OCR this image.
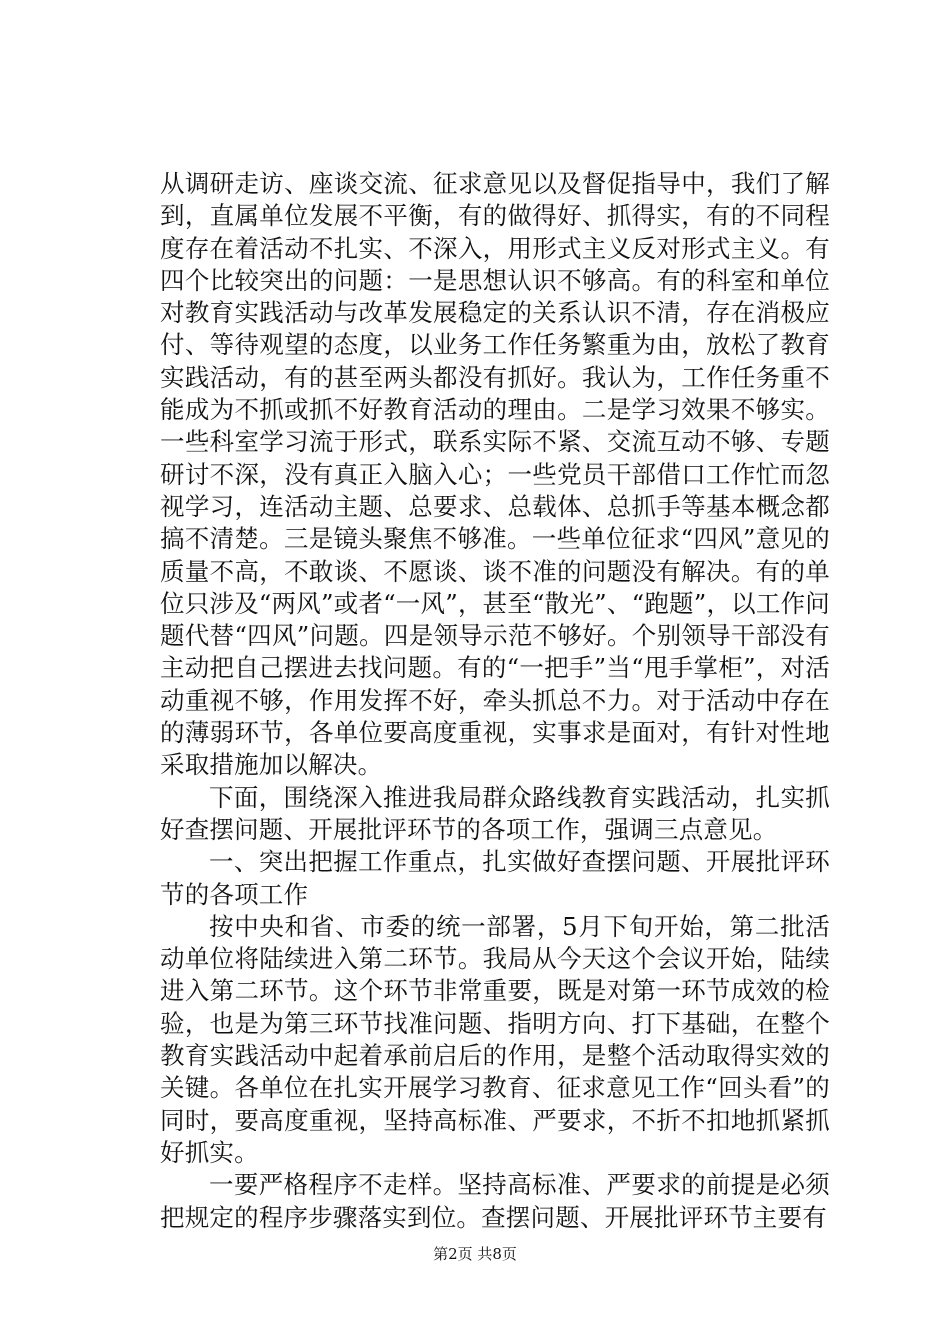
从调研走访、座谈交流、征求意见以及督促指导中，我们了解到，直属单位发展不平衡，有的做得好、抓得实，有的不同程度存在着活动不扎实、不深入，用形式主义反对形式主义。有四个比较突出的问题：一是思想认识不够高。有的科室和单位对教育实践活动与改革发展稳定的关系认识不清，存在消极应付、等待观望的态度，以业务工作任务繁重为由，放松了教育实践活动，有的甚至两头都没有抓好。我认为，工作任务重不能成为不抓或抓不好教育活动的理由。二是学习效果不够实。一些科室学习流于形式，联系实际不紧、交流互动不够、专题研讨不深，没有真正入脑入心；一些党员干部借口工作忙而忽视学习，连活动主题、总要求、总载体、总抓手等基本概念都搞不清楚。三是镜头聚焦不够准。一些单位征求“四风”意见的质量不高，不敢谈、不愿谈、谈不准的问题没有解决。有的单位只涉及“两风”或者“一风”，甚至“散光”、“跑题”，以工作问题代替“四风”问题。四是领导示范不够好。个别领导干部没有主动把自己摆进去找问题。有的“一把手”当“甩手掌柜”，对活动重视不够，作用发挥不好，牵头抓总不力。对于活动中存在的薄弱环节，各单位要高度重视，实事求是面对，有针对性地采取措施加以解决。

下面，围绕深入推进我局群众路线教育实践活动，扎实抓好查摆问题、开展批评环节的各项工作，强调三点意见。

一、突出把握工作重点，扎实做好查摆问题、开展批评环节的各项工作

按中央和省、市委的统一部署，5月下旬开始，第二批活动单位将陆续进入第二环节。我局从今天这个会议开始，陆续进入第二环节。这个环节非常重要，既是对第一环节成效的检验，也是为第三环节找准问题、指明方向、打下基础，在整个教育实践活动中起着承前启后的作用，是整个活动取得实效的关键。各单位在扎实开展学习教育、征求意见工作“回头看”的同时，要高度重视，坚持高标准、严要求，不折不扣地抓紧抓好抓实。

一要严格程序不走样。坚持高标准、严要求的前提是必须把规定的程序步骤落实到位。查摆问题、开展批评环节主要有

第2页 共8页
